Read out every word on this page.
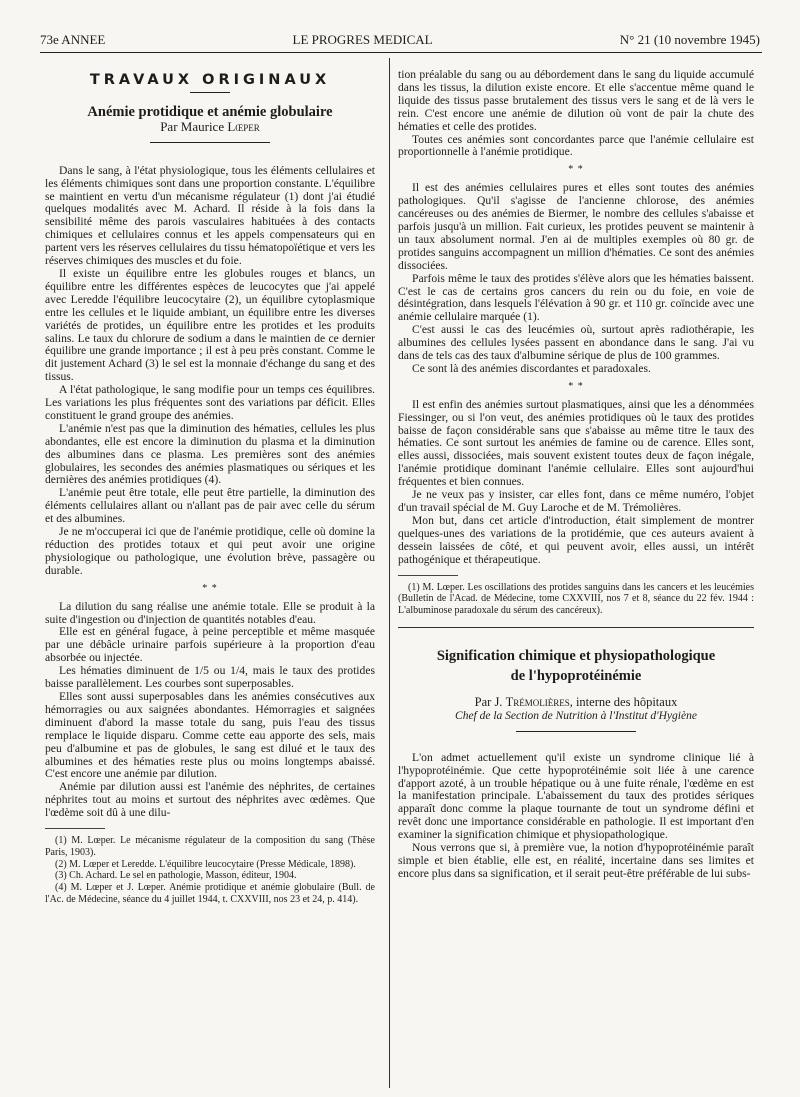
73e ANNEE	LE PROGRES MEDICAL	N° 21 (10 novembre 1945)
TRAVAUX ORIGINAUX
Anémie protidique et anémie globulaire
Par Maurice Lœper

Dans le sang, à l'état physiologique, tous les éléments cellulaires et les éléments chimiques sont dans une proportion constante. L'équilibre se maintient en vertu d'un mécanisme régulateur (1) dont j'ai étudié quelques modalités avec M. Achard. Il réside à la fois dans la sensibilité même des parois vasculaires habituées à des contacts chimiques et cellulaires connus et les appels compensateurs qui en partent vers les réserves cellulaires du tissu hématopoïétique et vers les réserves chimiques des muscles et du foie.

Il existe un équilibre entre les globules rouges et blancs, un équilibre entre les différentes espèces de leucocytes que j'ai appelé avec Leredde l'équilibre leucocytaire (2), un équilibre cytoplasmique entre les cellules et le liquide ambiant, un équilibre entre les diverses variétés de protides, un équilibre entre les protides et les produits salins. Le taux du chlorure de sodium a dans le maintien de ce dernier équilibre une grande importance ; il est à peu près constant. Comme le dit justement Achard (3) le sel est la monnaie d'échange du sang et des tissus.

A l'état pathologique, le sang modifie pour un temps ces équilibres. Les variations les plus fréquentes sont des variations par déficit. Elles constituent le grand groupe des anémies.

L'anémie n'est pas que la diminution des hématies, cellules les plus abondantes, elle est encore la diminution du plasma et la diminution des albumines dans ce plasma. Les premières sont des anémies globulaires, les secondes des anémies plasmatiques ou sériques et les dernières des anémies protidiques (4).

L'anémie peut être totale, elle peut être partielle, la diminution des éléments cellulaires allant ou n'allant pas de pair avec celle du sérum et des albumines.

Je ne m'occuperai ici que de l'anémie protidique, celle où domine la réduction des protides totaux et qui peut avoir une origine physiologique ou pathologique, une évolution brève, passagère ou durable.

* *

La dilution du sang réalise une anémie totale. Elle se produit à la suite d'ingestion ou d'injection de quantités notables d'eau.

Elle est en général fugace, à peine perceptible et même masquée par une débâcle urinaire parfois supérieure à la proportion d'eau absorbée ou injectée.

Les hématies diminuent de 1/5 ou 1/4, mais le taux des protides baisse parallèlement. Les courbes sont superposables.

Elles sont aussi superposables dans les anémies consécutives aux hémorragies ou aux saignées abondantes. Hémorragies et saignées diminuent d'abord la masse totale du sang, puis l'eau des tissus remplace le liquide disparu. Comme cette eau apporte des sels, mais peu d'albumine et pas de globules, le sang est dilué et le taux des albumines et des hématies reste plus ou moins longtemps abaissé. C'est encore une anémie par dilution.

Anémie par dilution aussi est l'anémie des néphrites, de certaines néphrites tout au moins et surtout des néphrites avec œdèmes. Que l'œdème soit dû à une dilu-

(1) M. Lœper. Le mécanisme régulateur de la composition du sang (Thèse Paris, 1903).

(2) M. Lœper et Leredde. L'équilibre leucocytaire (Presse Médicale, 1898).

(3) Ch. Achard. Le sel en pathologie, Masson, éditeur, 1904.

(4) M. Lœper et J. Lœper. Anémie protidique et anémie globulaire (Bull. de l'Ac. de Médecine, séance du 4 juillet 1944, t. CXXVIII, nos 23 et 24, p. 414).

tion préalable du sang ou au débordement dans le sang du liquide accumulé dans les tissus, la dilution existe encore. Et elle s'accentue même quand le liquide des tissus passe brutalement des tissus vers le sang et de là vers le rein. C'est encore une anémie de dilution où vont de pair la chute des hématies et celle des protides.

Toutes ces anémies sont concordantes parce que l'anémie cellulaire est proportionnelle à l'anémie protidique.

* *

Il est des anémies cellulaires pures et elles sont toutes des anémies pathologiques. Qu'il s'agisse de l'ancienne chlorose, des anémies cancéreuses ou des anémies de Biermer, le nombre des cellules s'abaisse et parfois jusqu'à un million. Fait curieux, les protides peuvent se maintenir à un taux absolument normal. J'en ai de multiples exemples où 80 gr. de protides sanguins accompagnent un million d'hématies. Ce sont des anémies dissociées.

Parfois même le taux des protides s'élève alors que les hématies baissent. C'est le cas de certains gros cancers du rein ou du foie, en voie de désintégration, dans lesquels l'élévation à 90 gr. et 110 gr. coïncide avec une anémie cellulaire marquée (1).

C'est aussi le cas des leucémies où, surtout après radiothérapie, les albumines des cellules lysées passent en abondance dans le sang. J'ai vu dans de tels cas des taux d'albumine sérique de plus de 100 grammes.

Ce sont là des anémies discordantes et paradoxales.

* *

Il est enfin des anémies surtout plasmatiques, ainsi que les a dénommées Fiessinger, ou si l'on veut, des anémies protidiques où le taux des protides baisse de façon considérable sans que s'abaisse au même titre le taux des hématies. Ce sont surtout les anémies de famine ou de carence. Elles sont, elles aussi, dissociées, mais souvent existent toutes deux de façon inégale, l'anémie protidique dominant l'anémie cellulaire. Elles sont aujourd'hui fréquentes et bien connues.

Je ne veux pas y insister, car elles font, dans ce même numéro, l'objet d'un travail spécial de M. Guy Laroche et de M. Trémolières.

Mon but, dans cet article d'introduction, était simplement de montrer quelques-unes des variations de la protidémie, que ces auteurs avaient à dessein laissées de côté, et qui peuvent avoir, elles aussi, un intérêt pathogénique et thérapeutique.

(1) M. Lœper. Les oscillations des protides sanguins dans les cancers et les leucémies (Bulletin de l'Acad. de Médecine, tome CXXVIII, nos 7 et 8, séance du 22 fév. 1944 : L'albuminose paradoxale du sérum des cancéreux).

Signification chimique et physiopathologique
de l'hypoprotéinémie
Par J. Trémolières, interne des hôpitaux
Chef de la Section de Nutrition à l'Institut d'Hygiène

L'on admet actuellement qu'il existe un syndrome clinique lié à l'hypoprotéinémie. Que cette hypoprotéinémie soit liée à une carence d'apport azoté, à un trouble hépatique ou à une fuite rénale, l'œdème en est la manifestation principale. L'abaissement du taux des protides sériques apparaît donc comme la plaque tournante de tout un syndrome défini et revêt donc une importance considérable en pathologie. Il est important d'en examiner la signification chimique et physiopathologique.

Nous verrons que si, à première vue, la notion d'hypoprotéinémie paraît simple et bien établie, elle est, en réalité, incertaine dans ses limites et encore plus dans sa signification, et il serait peut-être préférable de lui subs-
